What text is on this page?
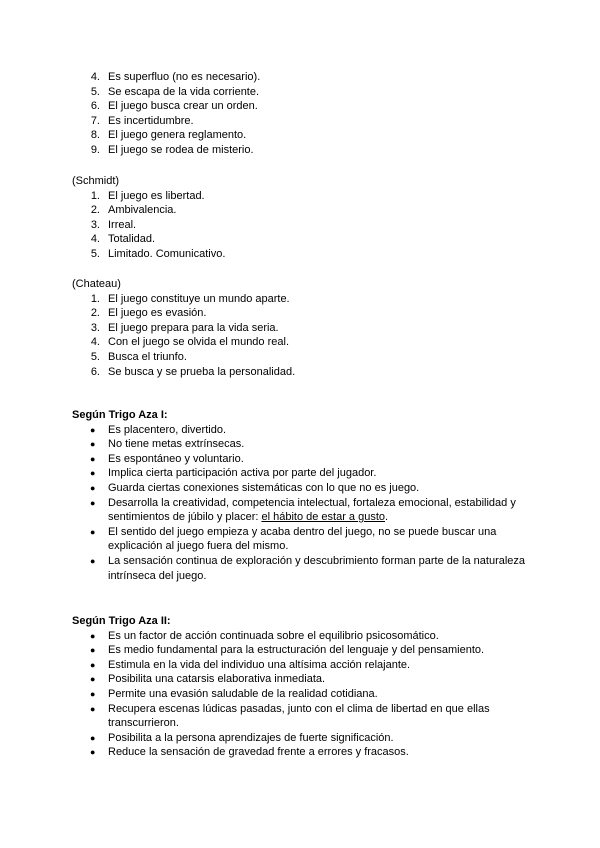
4. Es superfluo (no es necesario).
5. Se escapa de la vida corriente.
6. El juego busca crear un orden.
7. Es incertidumbre.
8. El juego genera reglamento.
9. El juego se rodea de misterio.
(Schmidt)
1. El juego es libertad.
2. Ambivalencia.
3. Irreal.
4. Totalidad.
5. Limitado. Comunicativo.
(Chateau)
1. El juego constituye un mundo aparte.
2. El juego es evasión.
3. El juego prepara para la vida seria.
4. Con el juego se olvida el mundo real.
5. Busca el triunfo.
6. Se busca y se prueba la personalidad.
Según Trigo Aza I:
● Es placentero, divertido.
● No tiene metas extrínsecas.
● Es espontáneo y voluntario.
● Implica cierta participación activa por parte del jugador.
● Guarda ciertas conexiones sistemáticas con lo que no es juego.
● Desarrolla la creatividad, competencia intelectual, fortaleza emocional, estabilidad y sentimientos de júbilo y placer: el hábito de estar a gusto.
● El sentido del juego empieza y acaba dentro del juego, no se puede buscar una explicación al juego fuera del mismo.
● La sensación continua de exploración y descubrimiento forman parte de la naturaleza intrínseca del juego.
Según Trigo Aza II:
● Es un factor de acción continuada sobre el equilibrio psicosomático.
● Es medio fundamental para la estructuración del lenguaje y del pensamiento.
● Estimula en la vida del individuo una altísima acción relajante.
● Posibilita una catarsis elaborativa inmediata.
● Permite una evasión saludable de la realidad cotidiana.
● Recupera escenas lúdicas pasadas, junto con el clima de libertad en que ellas transcurrieron.
● Posibilita a la persona aprendizajes de fuerte significación.
● Reduce la sensación de gravedad frente a errores y fracasos.
